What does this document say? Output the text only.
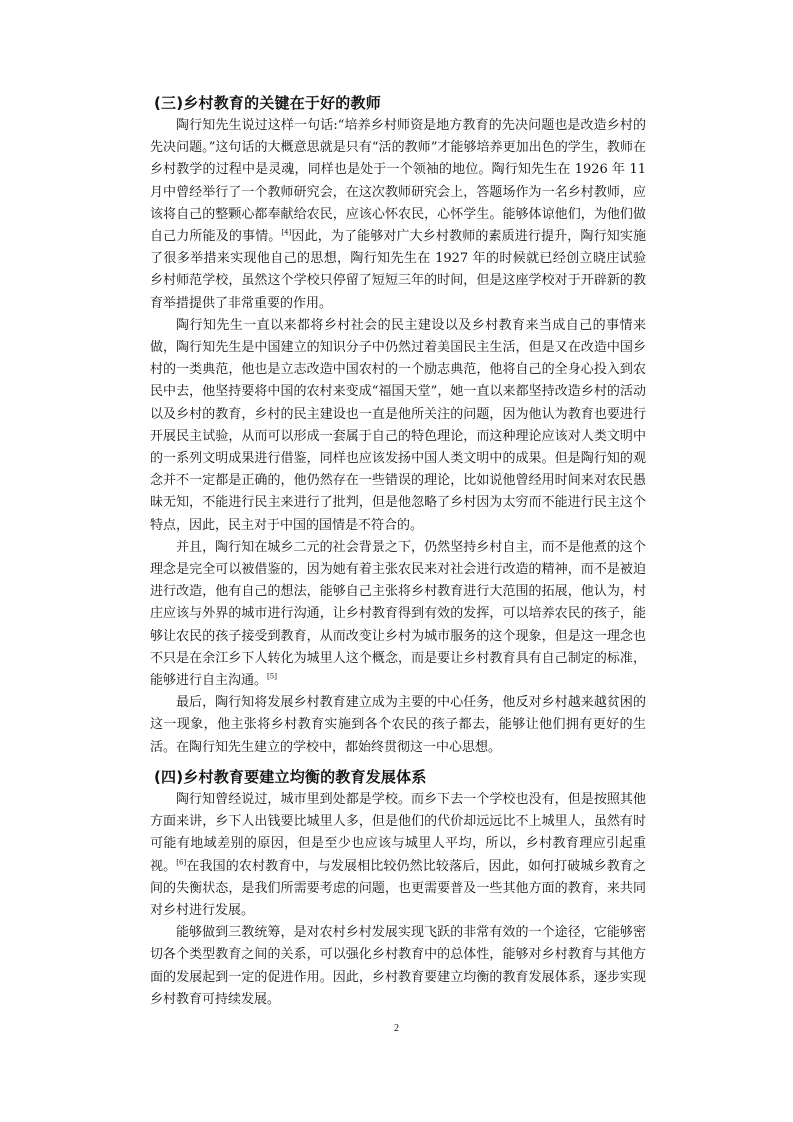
(三)乡村教育的关键在于好的教师

陶行知先生说过这样一句话:“培养乡村师资是地方教育的先决问题也是改造乡村的先决问题。”这句话的大概意思就是只有“活的教师”才能够培养更加出色的学生，教师在乡村教学的过程中是灵魂，同样也是处于一个领袖的地位。陶行知先生在 1926 年 11 月中曾经举行了一个教师研究会，在这次教师研究会上，答题场作为一名乡村教师，应该将自己的整颗心都奉献给农民，应该心怀农民，心怀学生。能够体谅他们，为他们做自己力所能及的事情。[4]因此，为了能够对广大乡村教师的素质进行提升，陶行知实施了很多举措来实现他自己的思想，陶行知先生在 1927 年的时候就已经创立晓庄试验乡村师范学校，虽然这个学校只停留了短短三年的时间，但是这座学校对于开辟新的教育举措提供了非常重要的作用。

陶行知先生一直以来都将乡村社会的民主建设以及乡村教育来当成自己的事情来做，陶行知先生是中国建立的知识分子中仍然过着美国民主生活，但是又在改造中国乡村的一类典范，他也是立志改造中国农村的一个励志典范，他将自己的全身心投入到农民中去，他坚持要将中国的农村来变成“福国天堂”，她一直以来都坚持改造乡村的活动以及乡村的教育，乡村的民主建设也一直是他所关注的问题，因为他认为教育也要进行开展民主试验，从而可以形成一套属于自己的特色理论，而这种理论应该对人类文明中的一系列文明成果进行借鉴，同样也应该发扬中国人类文明中的成果。但是陶行知的观念并不一定都是正确的，他仍然存在一些错误的理论，比如说他曾经用时间来对农民愚昧无知，不能进行民主来进行了批判，但是他忽略了乡村因为太穷而不能进行民主这个特点，因此，民主对于中国的国情是不符合的。

并且，陶行知在城乡二元的社会背景之下，仍然坚持乡村自主，而不是他煮的这个理念是完全可以被借鉴的，因为她有着主张农民来对社会进行改造的精神，而不是被迫进行改造，他有自己的想法，能够自己主张将乡村教育进行大范围的拓展，他认为，村庄应该与外界的城市进行沟通，让乡村教育得到有效的发挥，可以培养农民的孩子，能够让农民的孩子接受到教育，从而改变让乡村为城市服务的这个现象，但是这一理念也不只是在余江乡下人转化为城里人这个概念，而是要让乡村教育具有自己制定的标准，能够进行自主沟通。[5]

最后，陶行知将发展乡村教育建立成为主要的中心任务，他反对乡村越来越贫困的这一现象，他主张将乡村教育实施到各个农民的孩子都去，能够让他们拥有更好的生活。在陶行知先生建立的学校中，都始终贯彻这一中心思想。

(四)乡村教育要建立均衡的教育发展体系

陶行知曾经说过，城市里到处都是学校。而乡下去一个学校也没有，但是按照其他方面来讲，乡下人出钱要比城里人多，但是他们的代价却远远比不上城里人，虽然有时可能有地域差别的原因，但是至少也应该与城里人平均，所以，乡村教育理应引起重视。[6]在我国的农村教育中，与发展相比较仍然比较落后，因此，如何打破城乡教育之间的失衡状态，是我们所需要考虑的问题，也更需要普及一些其他方面的教育，来共同对乡村进行发展。

能够做到三教统筹，是对农村乡村发展实现飞跃的非常有效的一个途径，它能够密切各个类型教育之间的关系，可以强化乡村教育中的总体性，能够对乡村教育与其他方面的发展起到一定的促进作用。因此，乡村教育要建立均衡的教育发展体系，逐步实现乡村教育可持续发展。

2
